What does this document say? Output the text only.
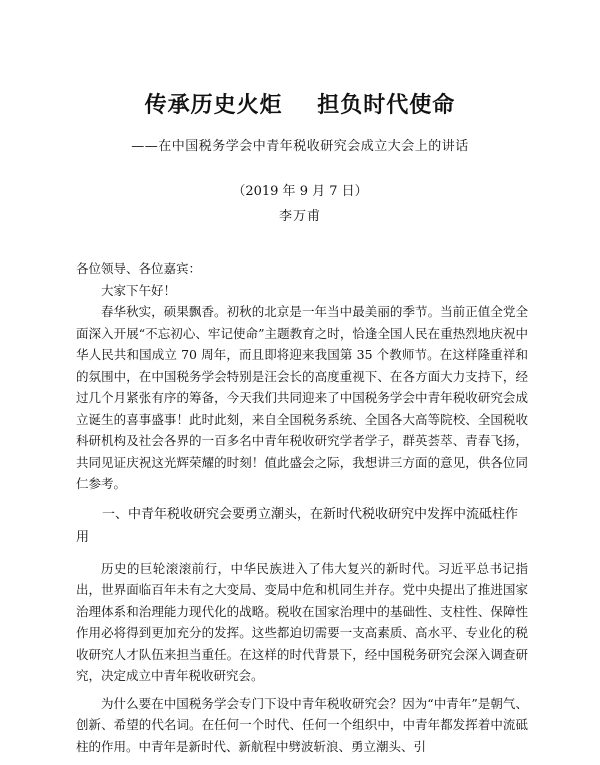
传承历史火炬    担负时代使命
——在中国税务学会中青年税收研究会成立大会上的讲话
（2019 年 9 月 7 日）
李万甫

各位领导、各位嘉宾：

大家下午好！

春华秋实，硕果飘香。初秋的北京是一年当中最美丽的季节。当前正值全党全面深入开展“不忘初心、牢记使命”主题教育之时，恰逢全国人民在重热烈地庆祝中华人民共和国成立 70 周年，而且即将迎来我国第 35 个教师节。在这样隆重祥和的氛围中，在中国税务学会特别是汪会长的高度重视下、在各方面大力支持下，经过几个月紧张有序的筹备，今天我们共同迎来了中国税务学会中青年税收研究会成立诞生的喜事盛事！此时此刻，来自全国税务系统、全国各大高等院校、全国税收科研机构及社会各界的一百多名中青年税收研究学者学子，群英荟萃、青春飞扬，共同见证庆祝这光辉荣耀的时刻！值此盛会之际，我想讲三方面的意见，供各位同仁参考。

一、中青年税收研究会要勇立潮头，在新时代税收研究中发挥中流砥柱作用

历史的巨轮滚滚前行，中华民族进入了伟大复兴的新时代。习近平总书记指出，世界面临百年未有之大变局、变局中危和机同生并存。党中央提出了推进国家治理体系和治理能力现代化的战略。税收在国家治理中的基础性、支柱性、保障性作用必将得到更加充分的发挥。这些都迫切需要一支高素质、高水平、专业化的税收研究人才队伍来担当重任。在这样的时代背景下，经中国税务研究会深入调查研究，决定成立中青年税收研究会。

为什么要在中国税务学会专门下设中青年税收研究会？因为“中青年”是朝气、创新、希望的代名词。在任何一个时代、任何一个组织中，中青年都发挥着中流砥柱的作用。中青年是新时代、新航程中劈波斩浪、勇立潮头、引
